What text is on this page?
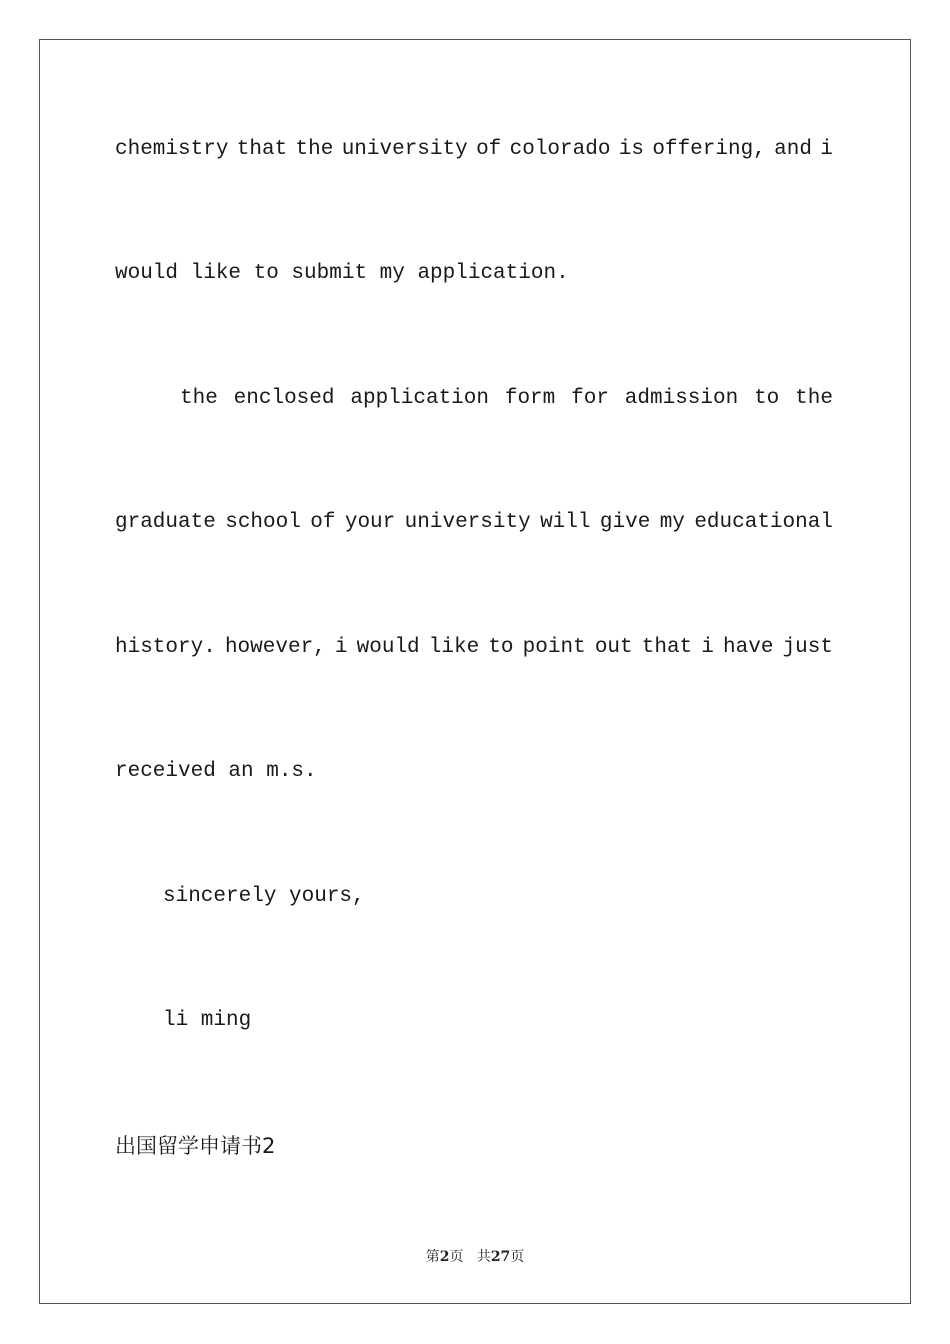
chemistry that the university of colorado is offering, and i
would like to submit my application.
the enclosed application form for admission to the
graduate school of your university will give my educational
history. however, i would like to point out that i have just
received an m.s.
sincerely yours,
li ming
出国留学申请书2
第2页 共27页
